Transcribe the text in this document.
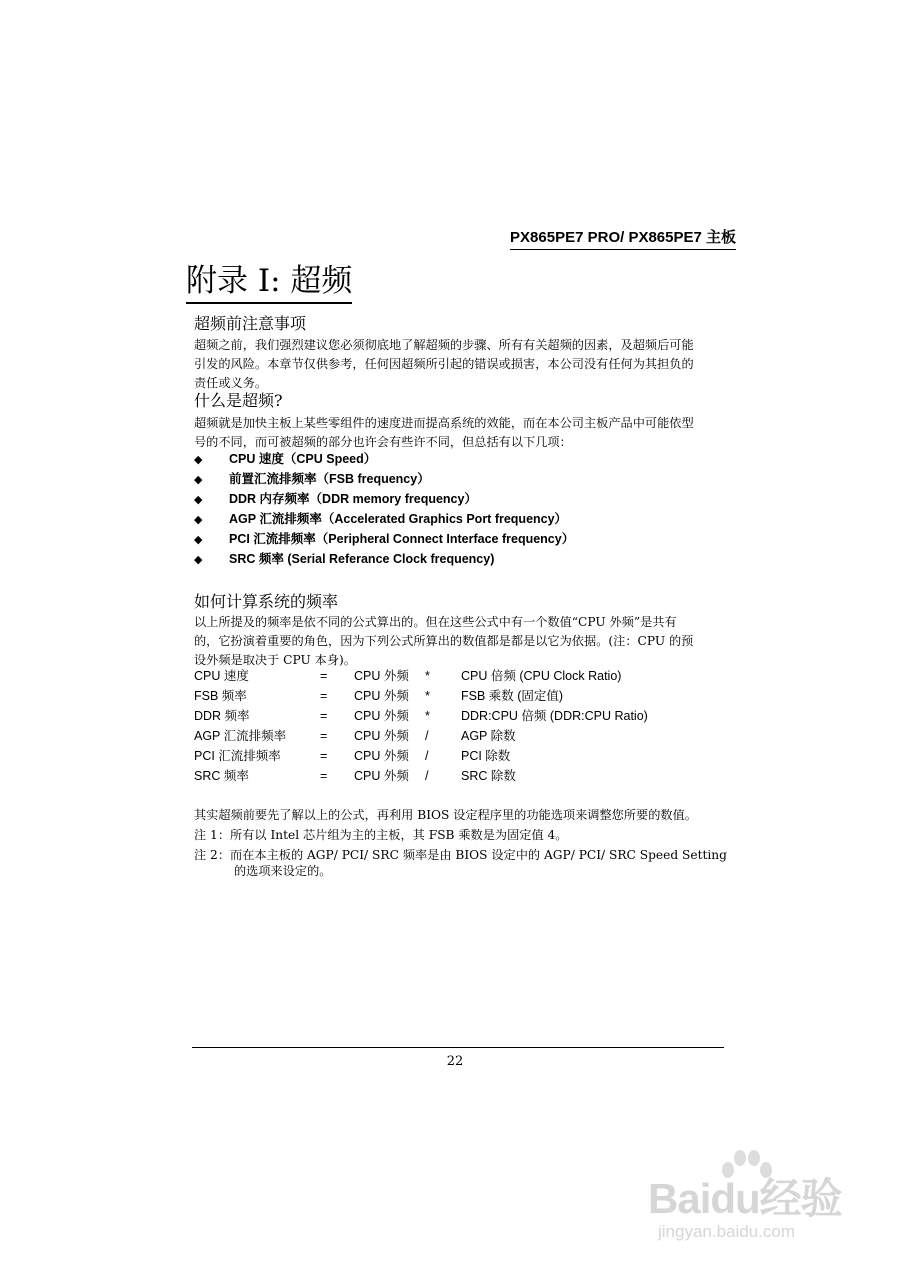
PX865PE7 PRO/ PX865PE7 主板
附录 I: 超频
超频前注意事项
超频之前，我们强烈建议您必须彻底地了解超频的步骤、所有有关超频的因素，及超频后可能
引发的风险。本章节仅供参考，任何因超频所引起的错误或损害，本公司没有任何为其担负的
责任或义务。
什么是超频?
超频就是加快主板上某些零组件的速度进而提高系统的效能，而在本公司主板产品中可能依型
号的不同，而可被超频的部分也许会有些许不同，但总括有以下几项：
◆ CPU 速度（CPU Speed）
◆ 前置汇流排频率（FSB frequency）
◆ DDR 内存频率（DDR memory frequency）
◆ AGP 汇流排频率（Accelerated Graphics Port frequency）
◆ PCI 汇流排频率（Peripheral Connect Interface frequency）
◆ SRC 频率 (Serial Referance Clock frequency)
如何计算系统的频率
以上所提及的频率是依不同的公式算出的。但在这些公式中有一个数值“CPU 外频”是共有
的，它扮演着重要的角色，因为下列公式所算出的数值都是都是以它为依据。(注：CPU 的预
设外频是取决于 CPU 本身)。
CPU 速度	= CPU 外频 * CPU 倍频 (CPU Clock Ratio)
FSB 频率	= CPU 外频 * FSB 乘数 (固定值)
DDR 频率	= CPU 外频 * DDR:CPU 倍频 (DDR:CPU Ratio)
AGP 汇流排频率	= CPU 外频 /	AGP 除数
PCI 汇流排频率	= CPU 外频 /	PCI 除数
SRC 频率	= CPU 外频 /	SRC 除数
其实超频前要先了解以上的公式，再利用 BIOS 设定程序里的功能选项来调整您所要的数值。
注 1：所有以 Intel 芯片组为主的主板，其 FSB 乘数是为固定值 4。
注 2：而在本主板的 AGP/ PCI/ SRC 频率是由 BIOS 设定中的 AGP/ PCI/ SRC Speed Setting
的选项来设定的。
22
Baidu经验
jingyan.baidu.com
